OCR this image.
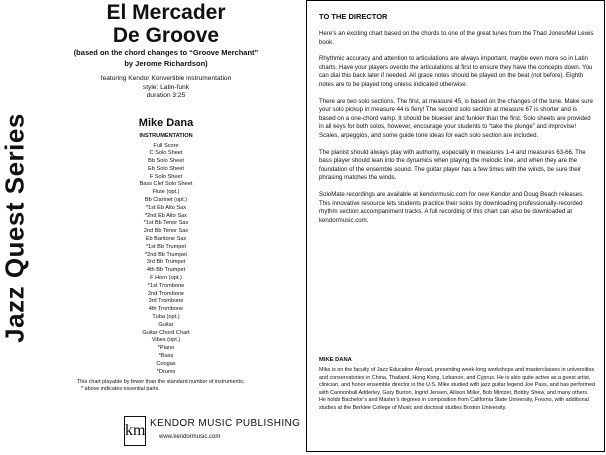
Jazz Quest Series
El Mercader
De Groove
(based on the chord changes to “Groove Merchant”
by Jerome Richardson)
featuring Kendor Konvertible instrumentation
style: Latin-funk
duration 3:25
Mike Dana
INSTRUMENTATION
Full Score
C Solo Sheet
Bb Solo Sheet
Eb Solo Sheet
F Solo Sheet
Bass Clef Solo Sheet
Flute (opt.)
Bb Clarinet (opt.)
*1st Eb Alto Sax
*2nd Eb Alto Sax
*1st Bb Tenor Sax
2nd Bb Tenor Sax
Eb Baritone Sax
*1st Bb Trumpet
*2nd Bb Trumpet
3rd Bb Trumpet
4th Bb Trumpet
F Horn (opt.)
*1st Trombone
2nd Trombone
3rd Trombone
4th Trombone
Tuba (opt.)
Guitar
Guitar Chord Chart
Vibes (opt.)
*Piano
*Bass
Congas
*Drums
This chart playable by fewer than the standard number of instruments;
* above indicates essential parts.
km KENDOR MUSIC PUBLISHING
www.kendormusic.com
TO THE DIRECTOR

Here’s an exciting chart based on the chords to one of the great tunes from the Thad Jones/Mel Lewis book.

Rhythmic accuracy and attention to articulations are always important, maybe even more so in Latin charts. Have your players overdo the articulations at first to ensure they have the concepts down. You can dial this back later if needed. All grace notes should be played on the beat (not before). Eighth notes are to be played long unless indicated otherwise.

There are two solo sections. The first, at measure 45, is based on the changes of the tune. Make sure your solo pickup in measure 44 is fiery! The second solo section at measure 67 is shorter and is based on a one-chord vamp. It should be bluesier and funkier than the first. Solo sheets are provided in all keys for both solos, however, encourage your students to “take the plunge” and improvise! Scales, arpeggios, and some guide tone ideas for each solo section are included.

The pianist should always play with authority, especially in measures 1-4 and measures 63-66. The bass player should lean into the dynamics when playing the melodic line, and when they are the foundation of the ensemble sound. The guitar player has a few times with the winds, be sure their phrasing matches the winds.

SoloMate recordings are available at kendormusic.com for new Kendor and Doug Beach releases. This innovative resource lets students practice their solos by downloading professionally-recorded rhythm section accompaniment tracks. A full recording of this chart can also be downloaded at kendormusic.com.

MIKE DANA

Mike is on the faculty of Jazz Education Abroad, presenting week-long workshops and masterclasses in universities and conservatories in China, Thailand, Hong Kong, Lebanon, and Cyprus. He is also quite active as a guest artist, clinician, and honor ensemble director in the U.S. Mike studied with jazz guitar legend Joe Pass, and has performed with Cannonball Adderley, Gary Burton, Ingrid Jensen, Allison Miller, Bob Mintzer, Bobby Shew, and many others. He holds Bachelor’s and Master’s degrees in composition from California State University, Fresno, with additional studies at the Berklee College of Music and doctoral studies Boston University.
